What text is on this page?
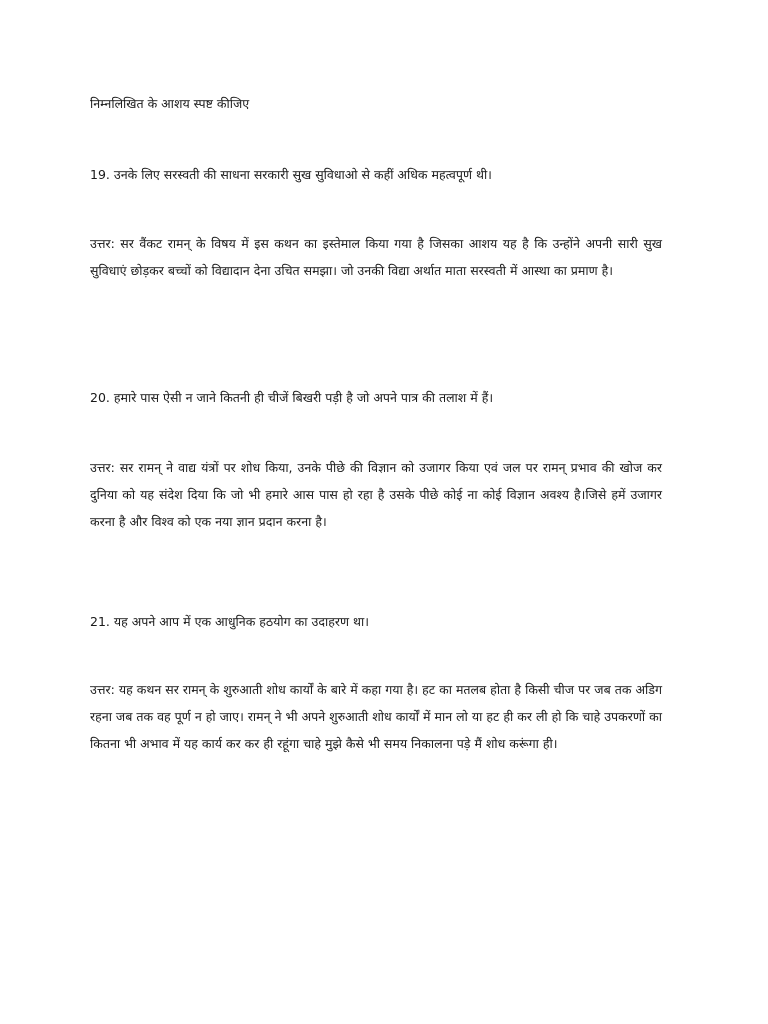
निम्नलिखित के आशय स्पष्ट कीजिए

19. उनके लिए सरस्वती की साधना सरकारी सुख सुविधाओ से कहीं अधिक महत्वपूर्ण थी।

उत्तर: सर वैंकट रामन् के विषय में इस कथन का इस्तेमाल किया गया है जिसका आशय यह है कि उन्होंने अपनी सारी सुख सुविधाएं छोड़कर बच्चों को विद्यादान देना उचित समझा। जो उनकी विद्या अर्थात माता सरस्वती में आस्था का प्रमाण है।

20. हमारे पास ऐसी न जाने कितनी ही चीजें बिखरी पड़ी है जो अपने पात्र की तलाश में हैं।

उत्तर: सर रामन् ने वाद्य यंत्रों पर शोध किया, उनके पीछे की विज्ञान को उजागर किया एवं जल पर रामन् प्रभाव की खोज कर दुनिया को यह संदेश दिया कि जो भी हमारे आस पास हो रहा है उसके पीछे कोई ना कोई विज्ञान अवश्य है।जिसे हमें उजागर करना है और विश्व को एक नया ज्ञान प्रदान करना है।

21. यह अपने आप में एक आधुनिक हठयोग का उदाहरण था।

उत्तर: यह कथन सर रामन् के शुरुआती शोध कार्यों के बारे में कहा गया है। हट का मतलब होता है किसी चीज पर जब तक अडिग रहना जब तक वह पूर्ण न हो जाए। रामन् ने भी अपने शुरुआती शोध कार्यों में मान लो या हट ही कर ली हो कि चाहे उपकरणों का कितना भी अभाव में यह कार्य कर कर ही रहूंगा चाहे मुझे कैसे भी समय निकालना पड़े मैं शोध करूंगा ही।
